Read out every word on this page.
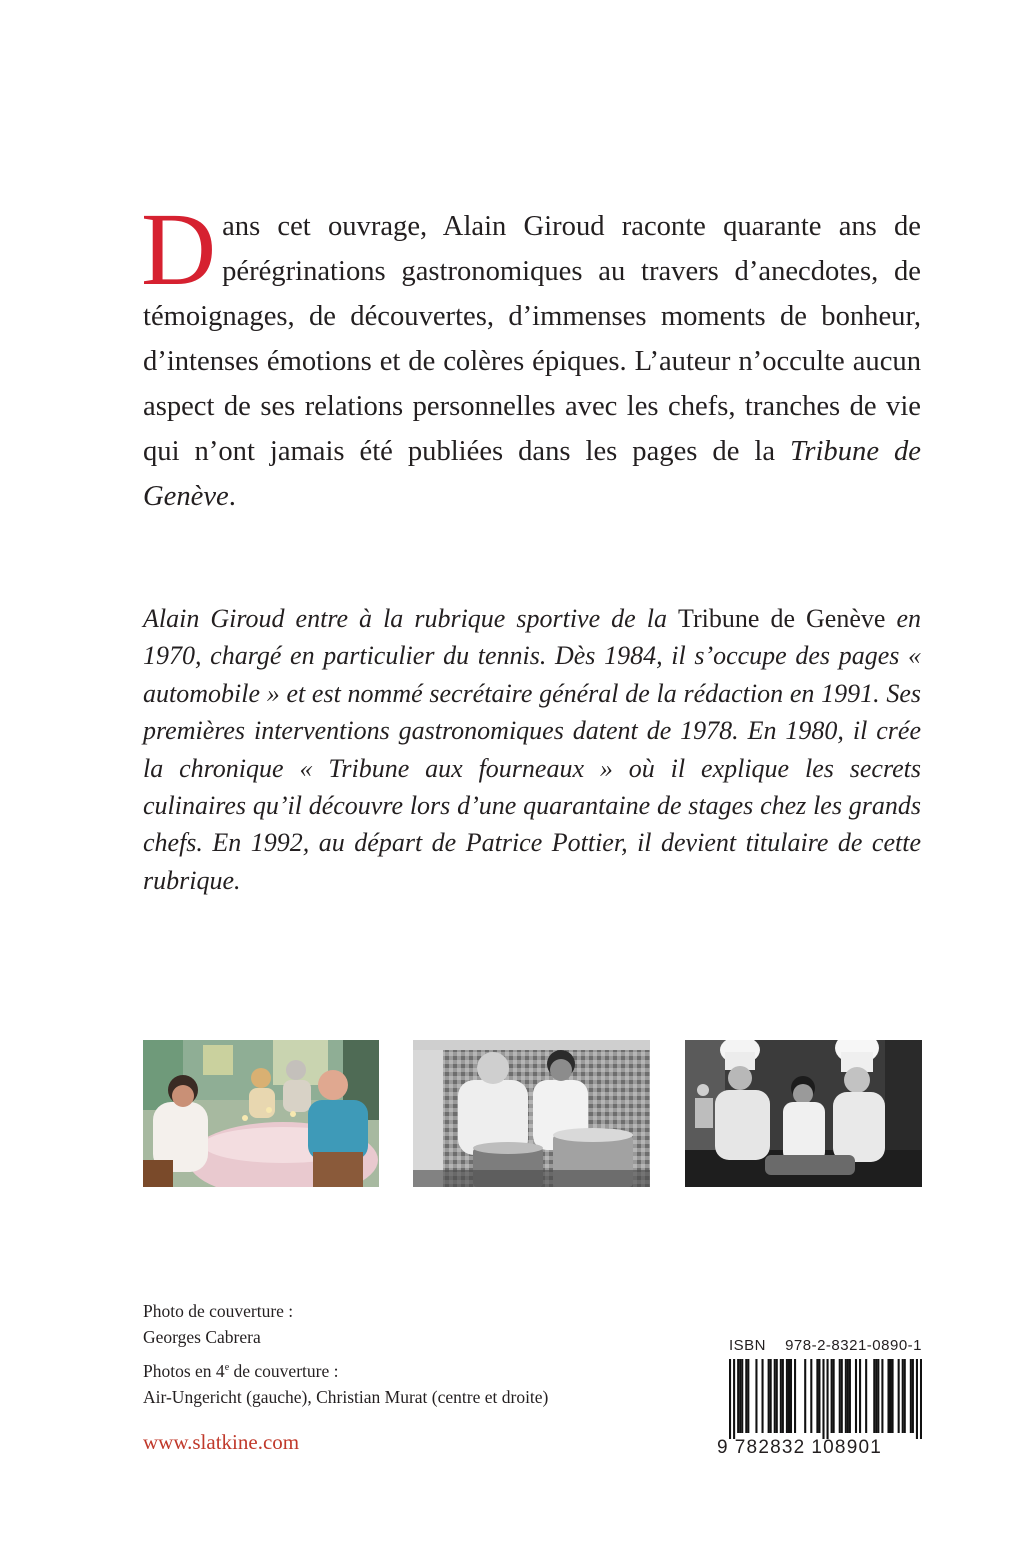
Dans cet ouvrage, Alain Giroud raconte quarante ans de pérégrinations gastronomiques au travers d’anecdotes, de témoignages, de découvertes, d’immenses moments de bonheur, d’intenses émotions et de colères épiques. L’auteur n’occulte aucun aspect de ses relations personnelles avec les chefs, tranches de vie qui n’ont jamais été publiées dans les pages de la Tribune de Genève.

Alain Giroud entre à la rubrique sportive de la Tribune de Genève en 1970, chargé en particulier du tennis. Dès 1984, il s’occupe des pages « automobile » et est nommé secrétaire général de la rédaction en 1991. Ses premières interventions gastronomiques datent de 1978. En 1980, il crée la chronique « Tribune aux fourneaux » où il explique les secrets culinaires qu’il découvre lors d’une quarantaine de stages chez les grands chefs. En 1992, au départ de Patrice Pottier, il devient titulaire de cette rubrique.

Photo de couverture :
Georges Cabrera
Photos en 4e de couverture :
Air-Ungericht (gauche), Christian Murat (centre et droite)
www.slatkine.com
ISBN 978-2-8321-0890-1
9 782832 108901
